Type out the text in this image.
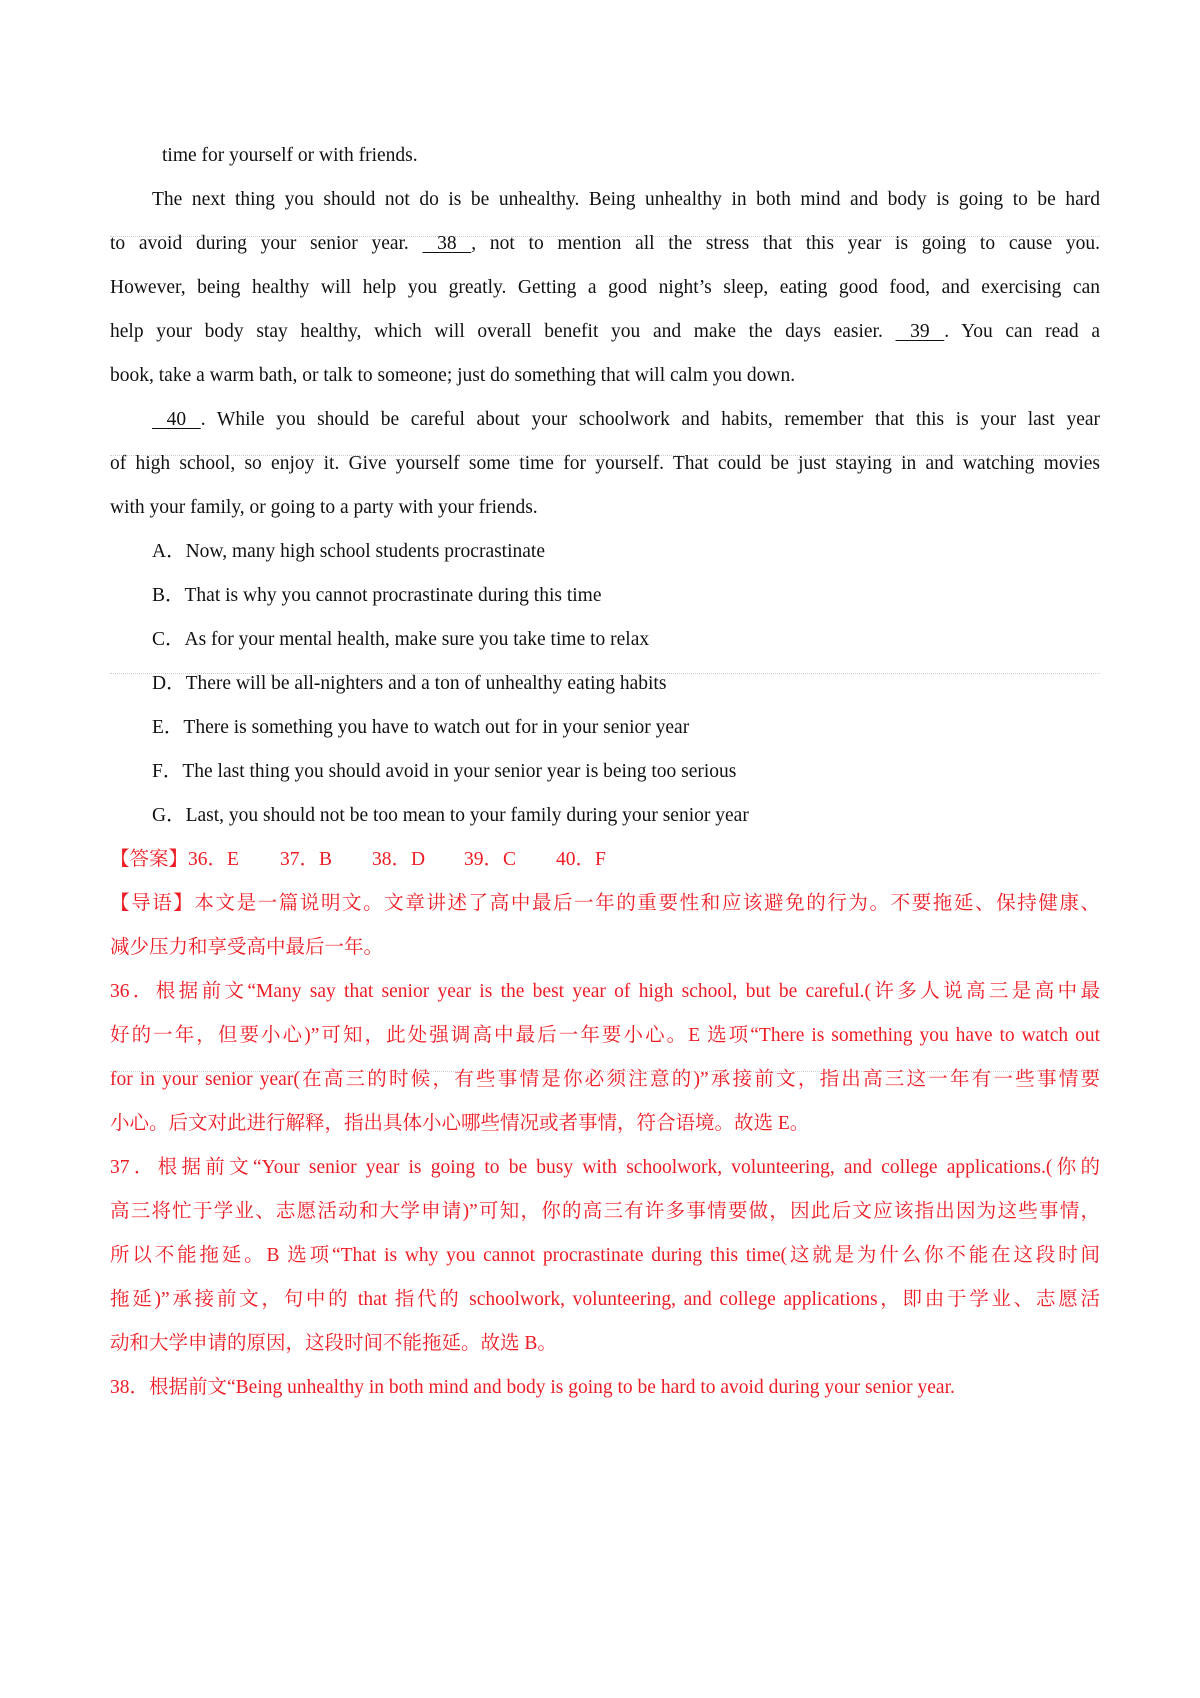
time for yourself or with friends.
The next thing you should not do is be unhealthy. Being unhealthy in both mind and body is going to be hard
to avoid during your senior year.    38   , not to mention all the stress that this year is going to cause you.
However, being healthy will help you greatly. Getting a good night’s sleep, eating good food, and exercising can
help your body stay healthy, which will overall benefit you and make the days easier.    39   . You can read a
book, take a warm bath, or talk to someone; just do something that will calm you down.
40   . While you should be careful about your schoolwork and habits, remember that this is your last year
of high school, so enjoy it. Give yourself some time for yourself. That could be just staying in and watching movies
with your family, or going to a party with your friends.
A．Now, many high school students procrastinate
B．That is why you cannot procrastinate during this time
C．As for your mental health, make sure you take time to relax
D．There will be all-nighters and a ton of unhealthy eating habits
E．There is something you have to watch out for in your senior year
F．The last thing you should avoid in your senior year is being too serious
G．Last, you should not be too mean to your family during your senior year
【答案】36．E 37．B 38．D 39．C 40．F
【导语】本文是一篇说明文。文章讲述了高中最后一年的重要性和应该避免的行为。不要拖延、保持健康、
减少压力和享受高中最后一年。
36．根据前文“Many say that senior year is the best year of high school, but be careful.(许多人说高三是高中最
好的一年，但要小心)”可知，此处强调高中最后一年要小心。E 选项“There is something you have to watch out
for in your senior year(在高三的时候，有些事情是你必须注意的)”承接前文，指出高三这一年有一些事情要
小心。后文对此进行解释，指出具体小心哪些情况或者事情，符合语境。故选 E。
37．根据前文“Your senior year is going to be busy with schoolwork, volunteering, and college applications.(你的
高三将忙于学业、志愿活动和大学申请)”可知，你的高三有许多事情要做，因此后文应该指出因为这些事情，
所以不能拖延。B 选项“That is why you cannot procrastinate during this time(这就是为什么你不能在这段时间
拖延)”承接前文，句中的 that 指代的 schoolwork, volunteering, and college applications，即由于学业、志愿活
动和大学申请的原因，这段时间不能拖延。故选 B。
38．根据前文“Being unhealthy in both mind and body is going to be hard to avoid during your senior year.
